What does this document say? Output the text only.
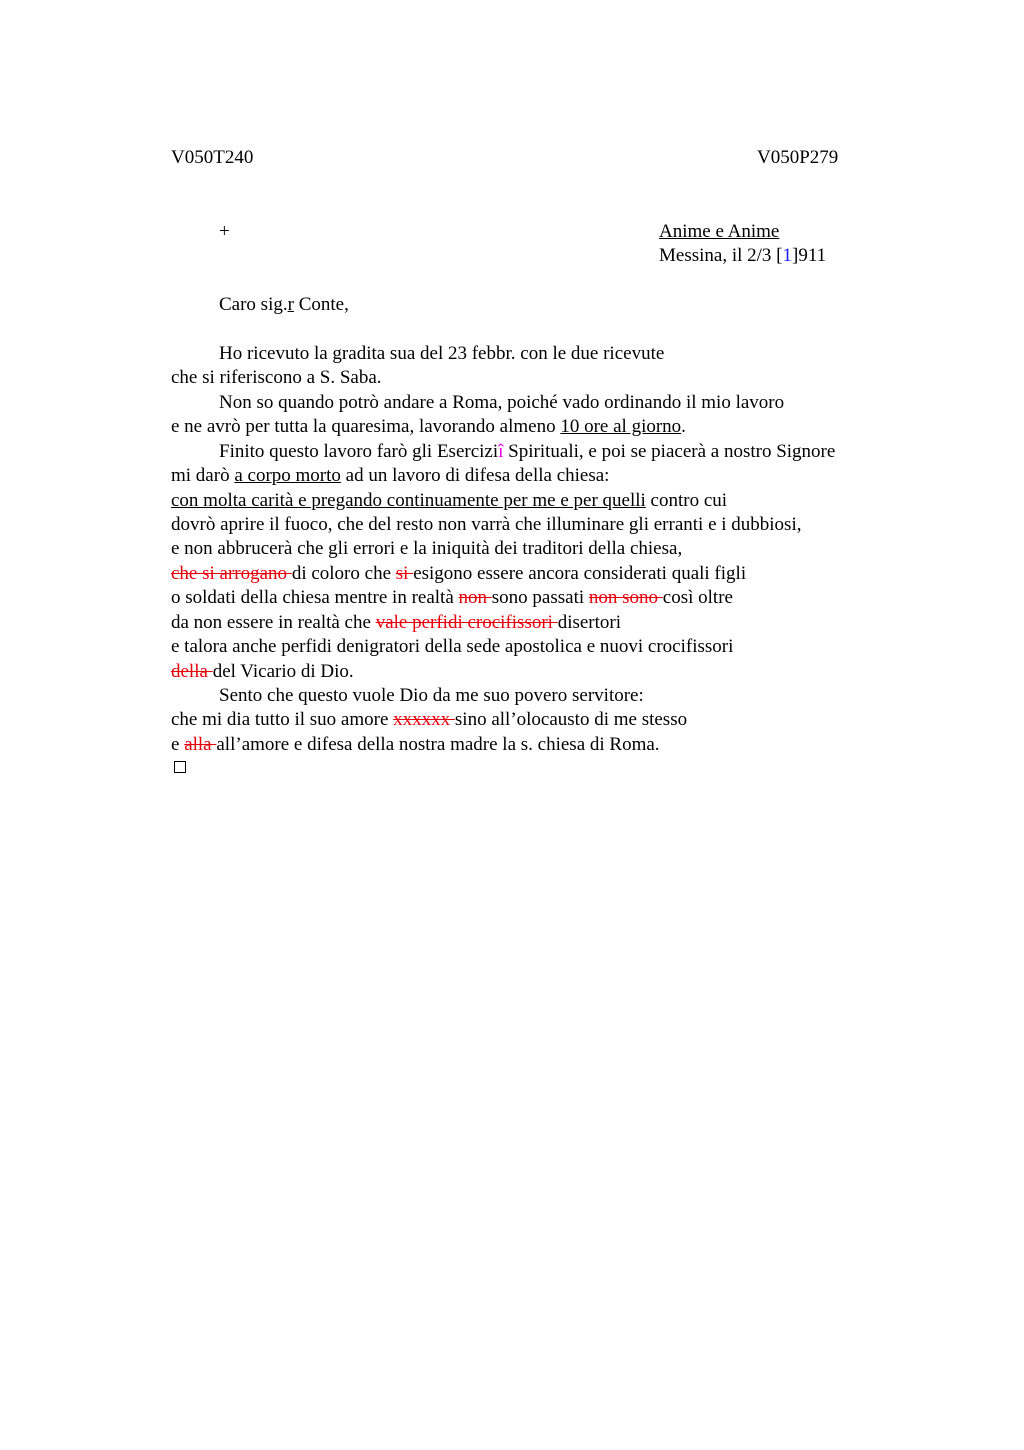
V050T240	V050P279
+	Anime e Anime
Messina, il 2/3 [1]911
Caro sig.r Conte,
Ho ricevuto la gradita sua del 23 febbr. con le due ricevute
che si riferiscono a S. Saba.
Non so quando potrò andare a Roma, poiché vado ordinando il mio lavoro
e ne avrò per tutta la quaresima, lavorando almeno 10 ore al giorno.
Finito questo lavoro farò gli Eserciziî Spirituali, e poi se piacerà a nostro Signore
mi darò a corpo morto ad un lavoro di difesa della chiesa:
con molta carità e pregando continuamente per me e per quelli contro cui
dovrò aprire il fuoco, che del resto non varrà che illuminare gli erranti e i dubbiosi,
e non abbrucerà che gli errori e la iniquità dei traditori della chiesa,
che si arrogano di coloro che si esigono essere ancora considerati quali figli
o soldati della chiesa mentre in realtà non sono passati non sono così oltre
da non essere in realtà che vale perfidi crocifissori disertori
e talora anche perfidi denigratori della sede apostolica e nuovi crocifissori
della del Vicario di Dio.
Sento che questo vuole Dio da me suo povero servitore:
che mi dia tutto il suo amore xxxxxx sino all’olocausto di me stesso
e alla all’amore e difesa della nostra madre la s. chiesa di Roma.
